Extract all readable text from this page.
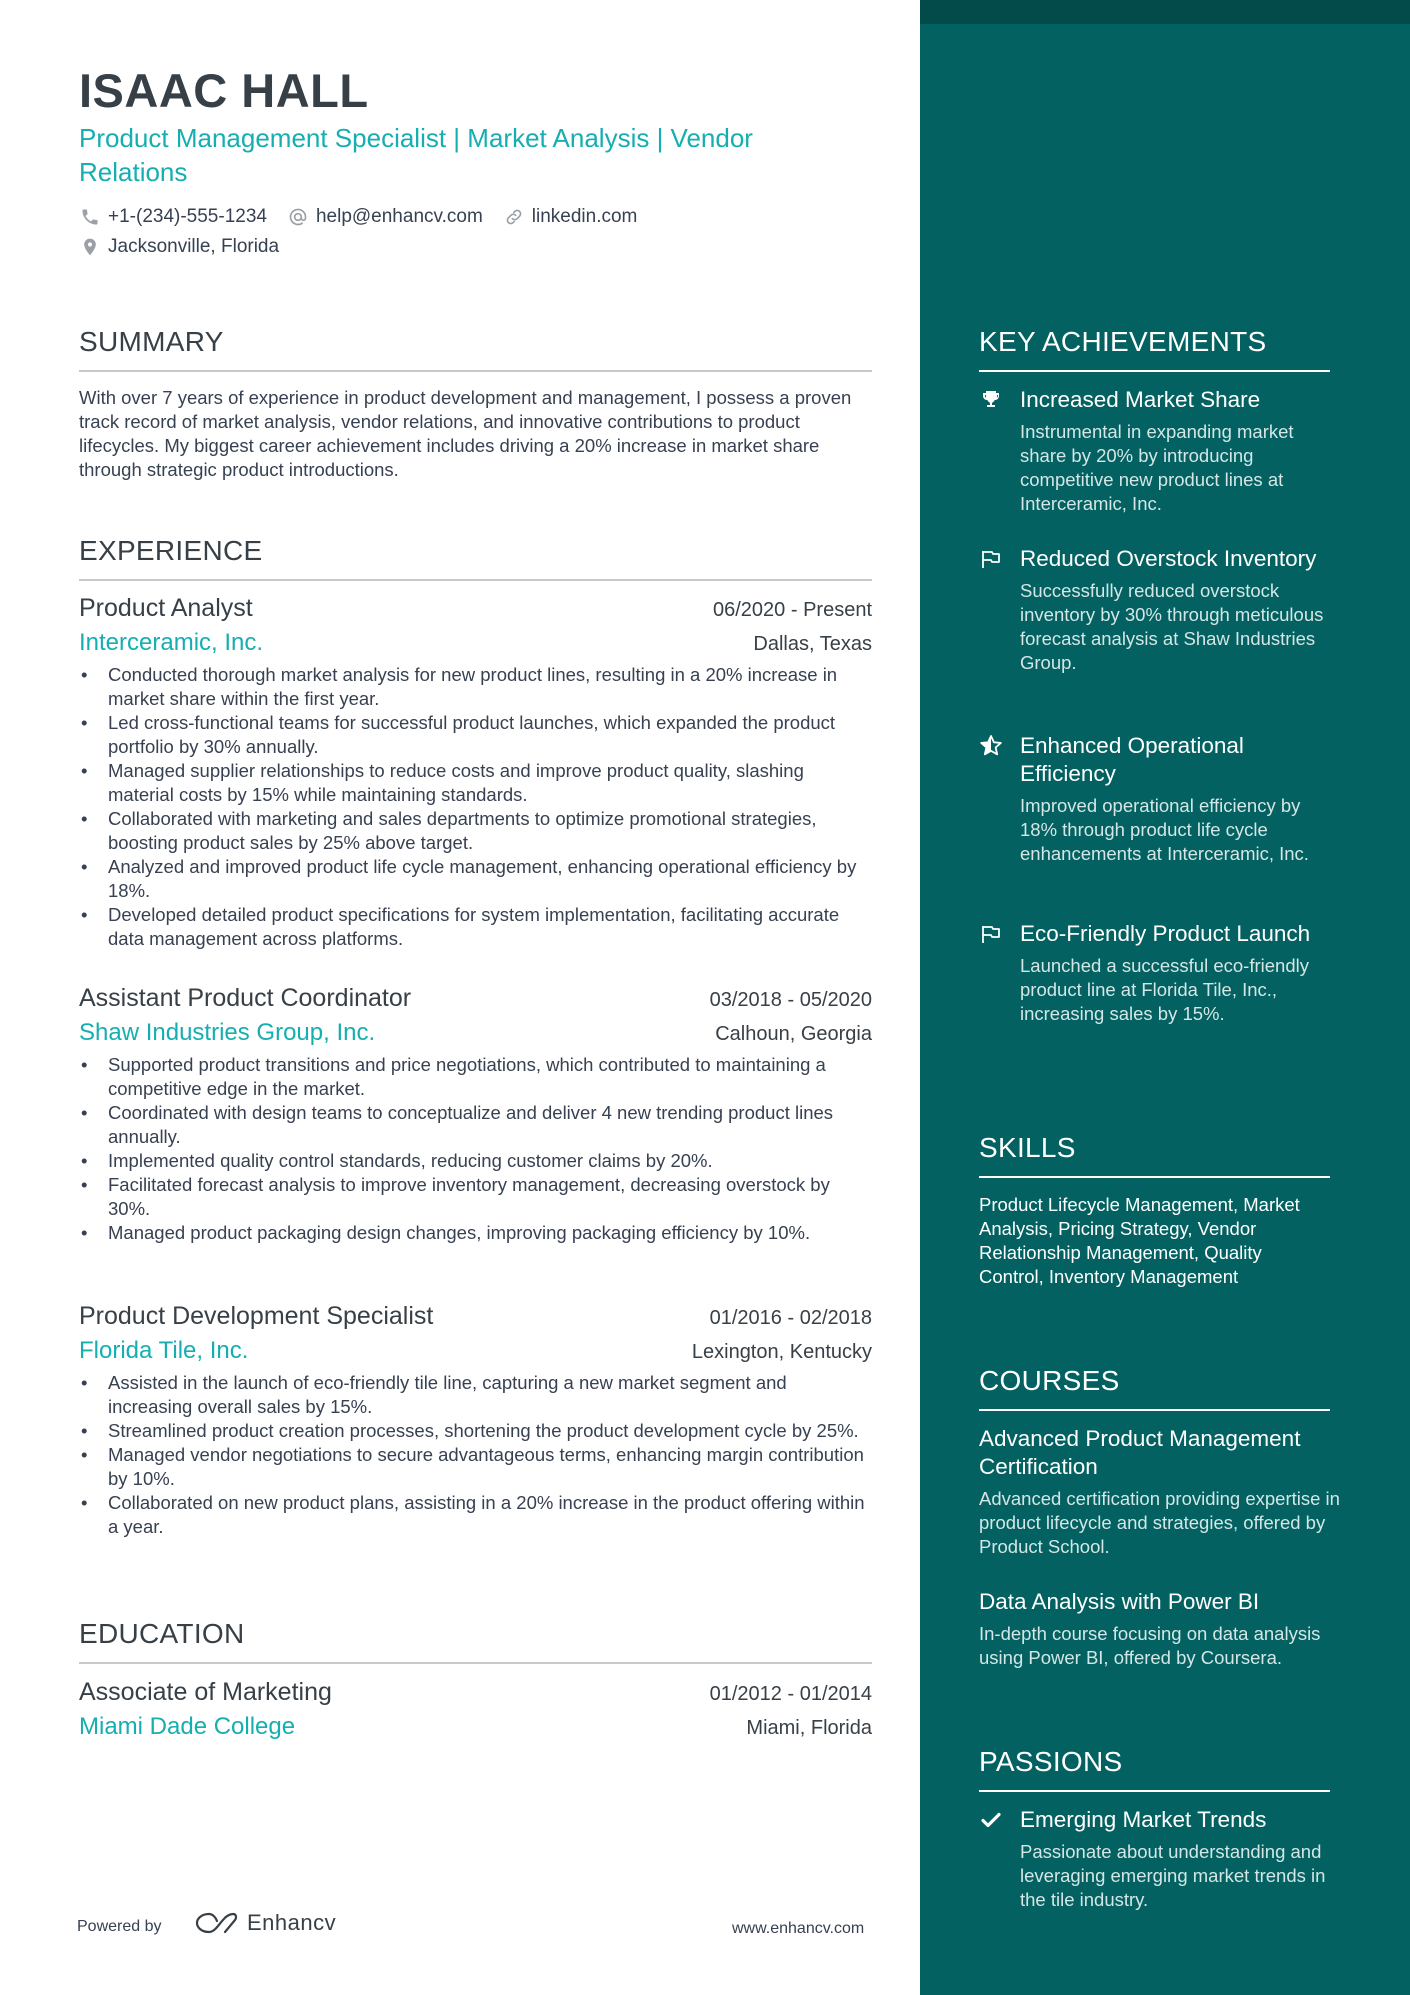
ISAAC HALL

Product Management Specialist | Market Analysis | Vendor Relations

+1-(234)-555-1234	help@enhancv.com	linkedin.com
Jacksonville, Florida
SUMMARY

With over 7 years of experience in product development and management, I possess a proven track record of market analysis, vendor relations, and innovative contributions to product lifecycles. My biggest career achievement includes driving a 20% increase in market share through strategic product introductions.

EXPERIENCE
Product Analyst	06/2020 - Present
Interceramic, Inc.	Dallas, Texas
• Conducted thorough market analysis for new product lines, resulting in a 20% increase in market share within the first year.
• Led cross-functional teams for successful product launches, which expanded the product portfolio by 30% annually.
• Managed supplier relationships to reduce costs and improve product quality, slashing material costs by 15% while maintaining standards.
• Collaborated with marketing and sales departments to optimize promotional strategies, boosting product sales by 25% above target.
• Analyzed and improved product life cycle management, enhancing operational efficiency by 18%.
• Developed detailed product specifications for system implementation, facilitating accurate data management across platforms.
Assistant Product Coordinator	03/2018 - 05/2020
Shaw Industries Group, Inc.	Calhoun, Georgia
• Supported product transitions and price negotiations, which contributed to maintaining a competitive edge in the market.
• Coordinated with design teams to conceptualize and deliver 4 new trending product lines annually.
• Implemented quality control standards, reducing customer claims by 20%.
• Facilitated forecast analysis to improve inventory management, decreasing overstock by 30%.
• Managed product packaging design changes, improving packaging efficiency by 10%.
Product Development Specialist	01/2016 - 02/2018
Florida Tile, Inc.	Lexington, Kentucky
• Assisted in the launch of eco-friendly tile line, capturing a new market segment and increasing overall sales by 15%.
• Streamlined product creation processes, shortening the product development cycle by 25%.
• Managed vendor negotiations to secure advantageous terms, enhancing margin contribution by 10%.
• Collaborated on new product plans, assisting in a 20% increase in the product offering within a year.
EDUCATION
Associate of Marketing	01/2012 - 01/2014
Miami Dade College	Miami, Florida
Powered by	Enhancv	www.enhancv.com
KEY ACHIEVEMENTS
Increased Market Share
Instrumental in expanding market share by 20% by introducing competitive new product lines at Interceramic, Inc.
Reduced Overstock Inventory
Successfully reduced overstock inventory by 30% through meticulous forecast analysis at Shaw Industries Group.
Enhanced Operational Efficiency
Improved operational efficiency by 18% through product life cycle enhancements at Interceramic, Inc.
Eco-Friendly Product Launch
Launched a successful eco-friendly product line at Florida Tile, Inc., increasing sales by 15%.
SKILLS

Product Lifecycle Management, Market Analysis, Pricing Strategy, Vendor Relationship Management, Quality Control, Inventory Management

COURSES
Advanced Product Management Certification
Advanced certification providing expertise in product lifecycle and strategies, offered by Product School.
Data Analysis with Power BI
In-depth course focusing on data analysis using Power BI, offered by Coursera.
PASSIONS
Emerging Market Trends
Passionate about understanding and leveraging emerging market trends in the tile industry.
